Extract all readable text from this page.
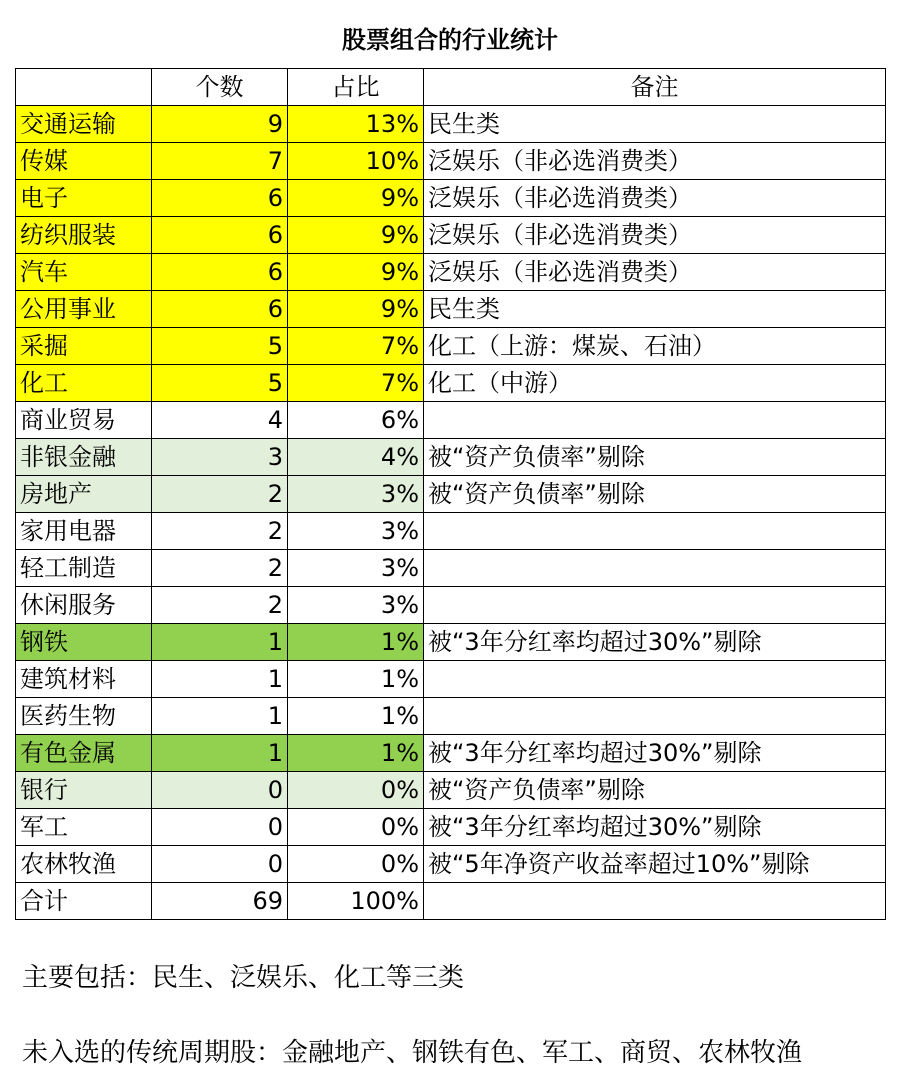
股票组合的行业统计
	个数	占比	备注
交通运输	9	13%	民生类
传媒	7	10%	泛娱乐（非必选消费类）
电子	6	9%	泛娱乐（非必选消费类）
纺织服装	6	9%	泛娱乐（非必选消费类）
汽车	6	9%	泛娱乐（非必选消费类）
公用事业	6	9%	民生类
采掘	5	7%	化工（上游：煤炭、石油）
化工	5	7%	化工（中游）
商业贸易	4	6%	
非银金融	3	4%	被“资产负债率”剔除
房地产	2	3%	被“资产负债率”剔除
家用电器	2	3%	
轻工制造	2	3%	
休闲服务	2	3%	
钢铁	1	1%	被“3年分红率均超过30%”剔除
建筑材料	1	1%	
医药生物	1	1%	
有色金属	1	1%	被“3年分红率均超过30%”剔除
银行	0	0%	被“资产负债率”剔除
军工	0	0%	被“3年分红率均超过30%”剔除
农林牧渔	0	0%	被“5年净资产收益率超过10%”剔除
合计	69	100%	
主要包括：民生、泛娱乐、化工等三类
未入选的传统周期股：金融地产、钢铁有色、军工、商贸、农林牧渔
